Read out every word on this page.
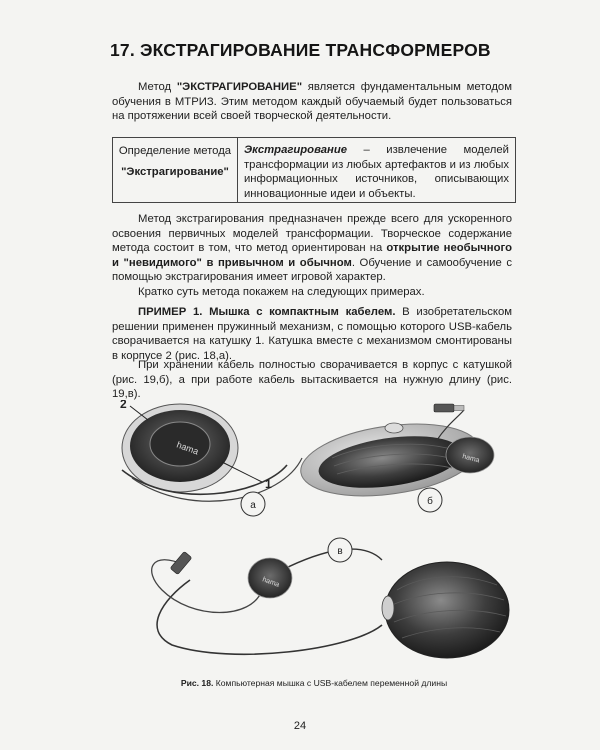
17. ЭКСТРАГИРОВАНИЕ ТРАНСФОРМЕРОВ

Метод "ЭКСТРАГИРОВАНИЕ" является фундаментальным методом обучения в МТРИЗ. Этим методом каждый обучаемый будет пользоваться на протяжении всей своей творческой деятельности.

Определение метода
"Экстрагирование"
Экстрагирование – извлечение моделей трансформации из любых артефактов и из любых информационных источников, описывающих инновационные идеи и объекты.

Метод экстрагирования предназначен прежде всего для ускоренного освоения первичных моделей трансформации. Творческое содержание метода состоит в том, что метод ориентирован на открытие необычного и "невидимого" в привычном и обычном. Обучение и самообучение с помощью экстрагирования имеет игровой характер.

Кратко суть метода покажем на следующих примерах.

ПРИМЕР 1. Мышка с компактным кабелем. В изобретательском решении применен пружинный механизм, с помощью которого USB-кабель сворачивается на катушку 1. Катушка вместе с механизмом смонтированы в корпусе 2 (рис. 18,а).

При хранении кабель полностью сворачивается в корпус с катушкой (рис. 19,б), а при работе кабель вытаскивается на нужную длину (рис. 19,в).

hama
2
1
а
hama
б
hama
в
Рис. 18. Компьютерная мышка с USB-кабелем переменной длины
24
